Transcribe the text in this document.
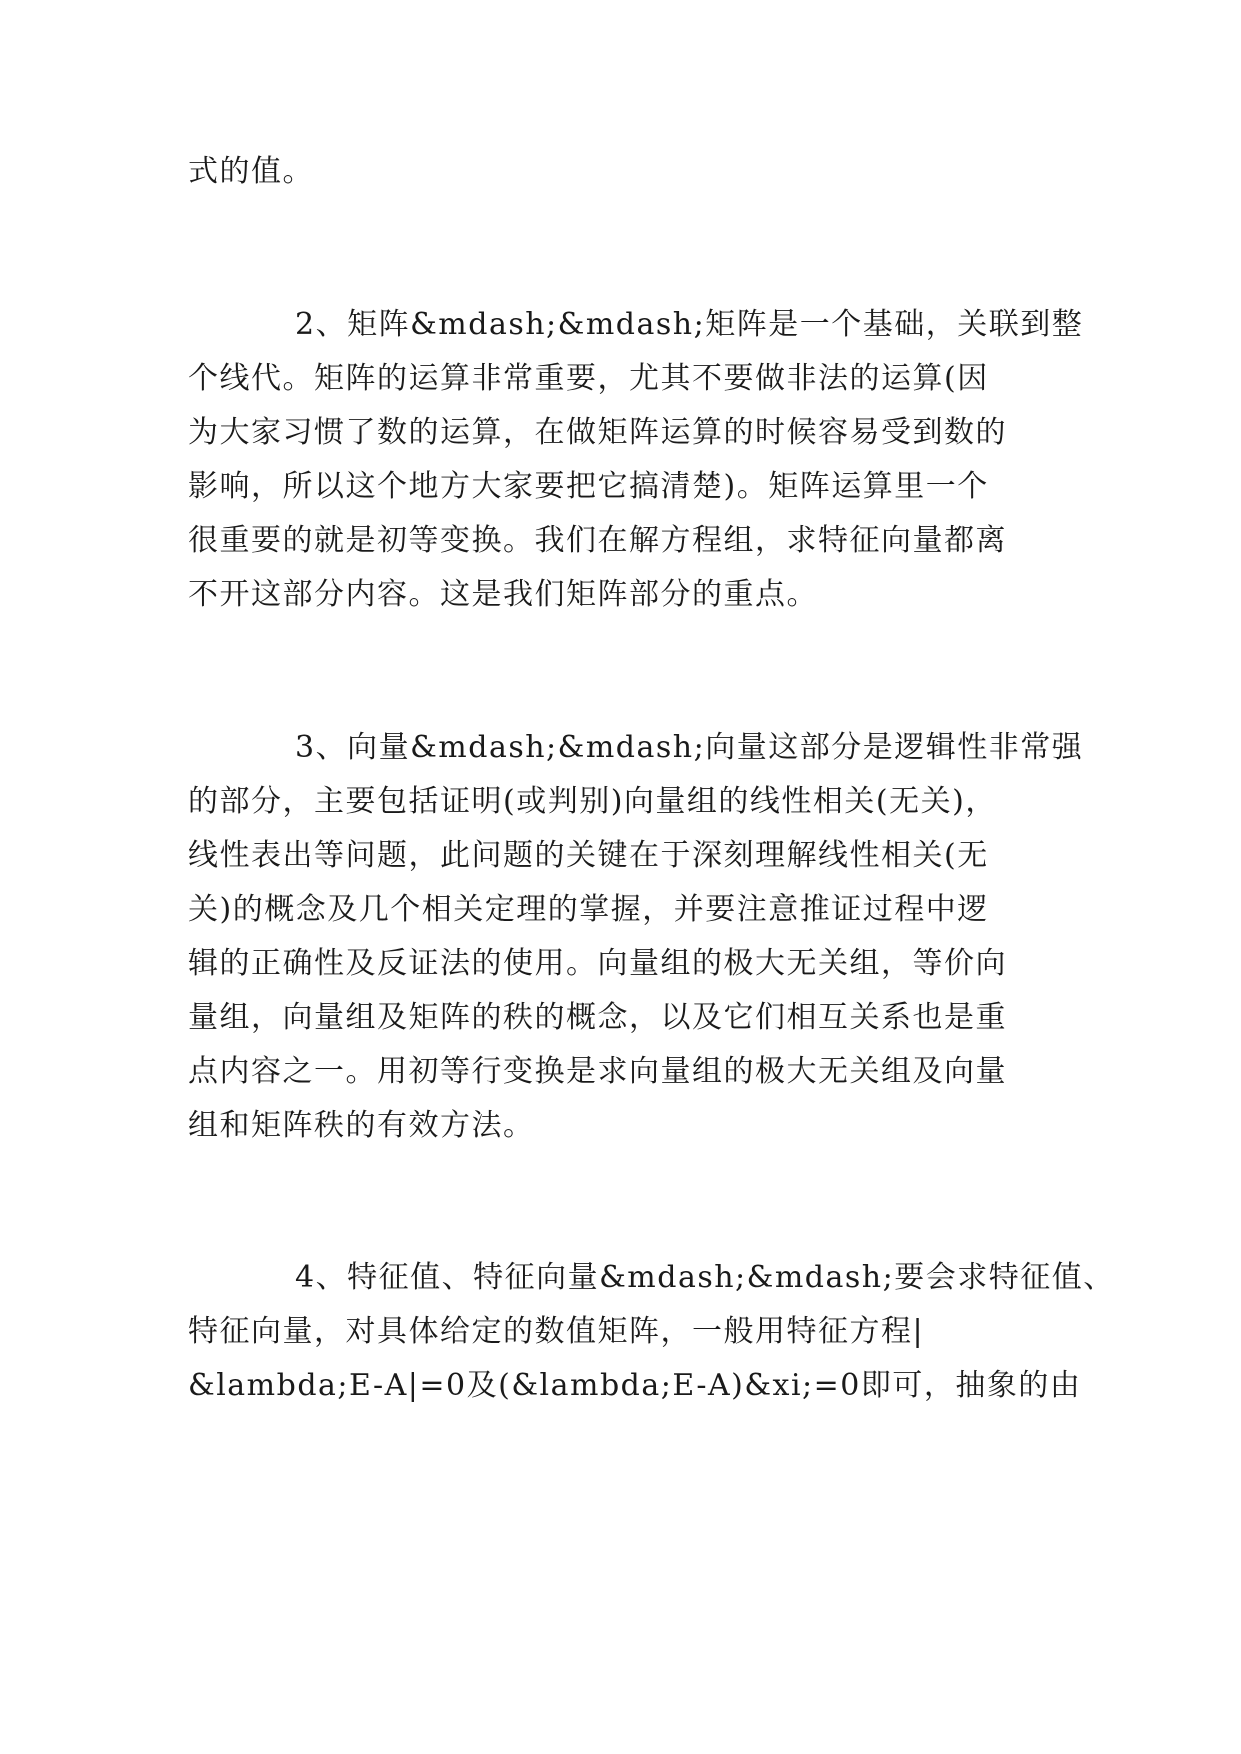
式的值。
2、矩阵&mdash;&mdash;矩阵是一个基础，关联到整
个线代。矩阵的运算非常重要，尤其不要做非法的运算(因
为大家习惯了数的运算，在做矩阵运算的时候容易受到数的
影响，所以这个地方大家要把它搞清楚)。矩阵运算里一个
很重要的就是初等变换。我们在解方程组，求特征向量都离
不开这部分内容。这是我们矩阵部分的重点。
3、向量&mdash;&mdash;向量这部分是逻辑性非常强
的部分，主要包括证明(或判别)向量组的线性相关(无关)，
线性表出等问题，此问题的关键在于深刻理解线性相关(无
关)的概念及几个相关定理的掌握，并要注意推证过程中逻
辑的正确性及反证法的使用。向量组的极大无关组，等价向
量组，向量组及矩阵的秩的概念，以及它们相互关系也是重
点内容之一。用初等行变换是求向量组的极大无关组及向量
组和矩阵秩的有效方法。
4、特征值、特征向量&mdash;&mdash;要会求特征值、
特征向量，对具体给定的数值矩阵，一般用特征方程|
&lambda;E-A|=0及(&lambda;E-A)&xi;=0即可，抽象的由
